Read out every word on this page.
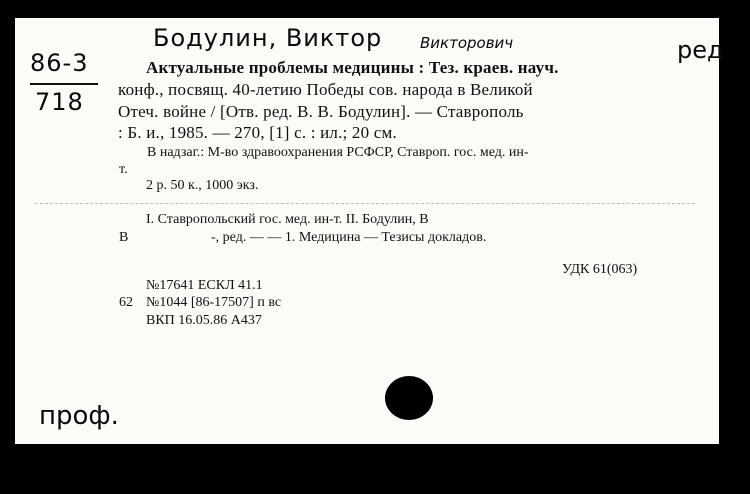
Бодулин, Виктор	Викторович	ред
86-3
718
проф.
Актуальные проблемы медицины : Тез. краев. науч.
конф., посвящ. 40-летию Победы сов. народа в Великой
Отеч. войне / [Отв. ред. В. В. Бодулин]. — Ставрополь
: Б. и., 1985. — 270, [1] с. : ил.; 20 см.
В надзаг.: М-во здравоохранения РСФСР, Ставроп. гос. мед. ин-
т.
2 р. 50 к., 1000 экз.
I. Ставропольский гос. мед. ин-т. II. Бодулин, В
В	-, ред. — — 1. Медицина — Тезисы докладов.
УДК 61(063)
№17641 ЕСКЛ 41.1
62 №1044 [86-17507] п вс
ВКП 16.05.86 А437
